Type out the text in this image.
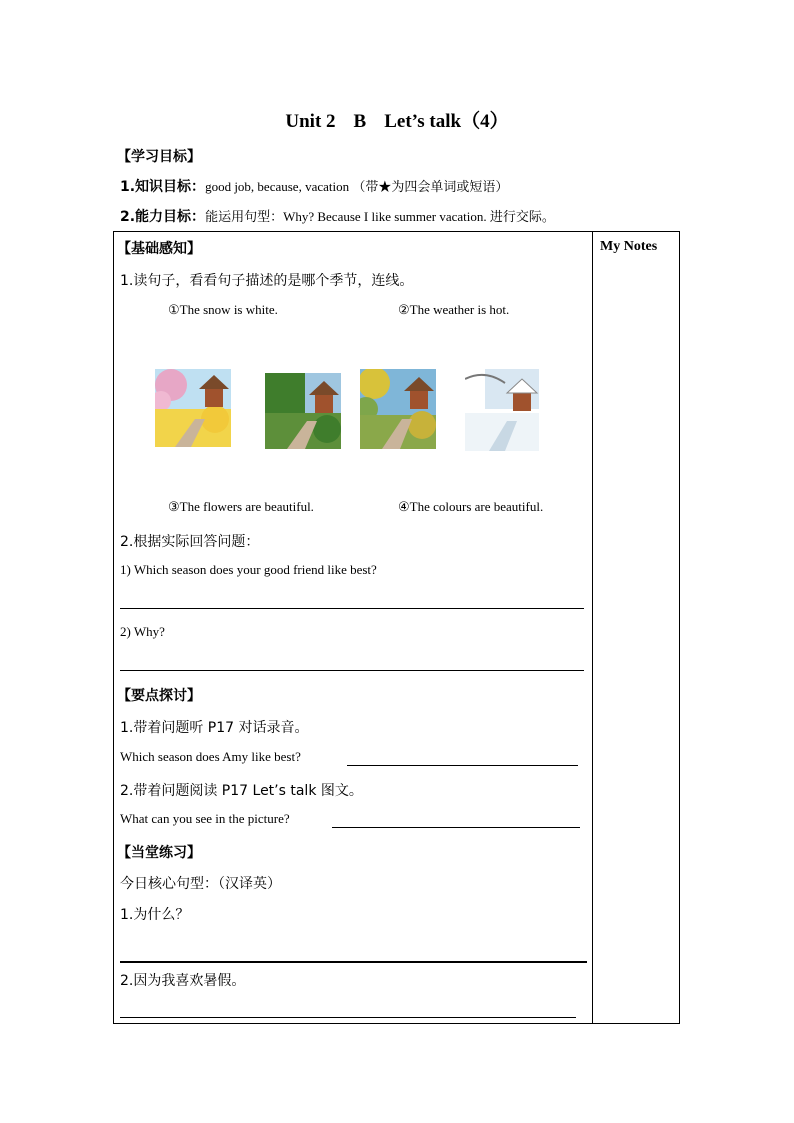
Unit 2 B Let’s talk（4）
【学习目标】
1.知识目标：good job, because, vacation （带★为四会单词或短语）
2.能力目标：能运用句型：Why? Because I like summer vacation. 进行交际。
My Notes
【基础感知】
1.读句子，看看句子描述的是哪个季节，连线。
①The snow is white.	②The weather is hot.
③The flowers are beautiful.	④The colours are beautiful.
2.根据实际回答问题：
1) Which season does your good friend like best?
2) Why?
【要点探讨】
1.带着问题听 P17 对话录音。
Which season does Amy like best?
2.带着问题阅读 P17 Let’s talk 图文。
What can you see in the picture?
【当堂练习】
今日核心句型：（汉译英）
1.为什么？
2.因为我喜欢暑假。
